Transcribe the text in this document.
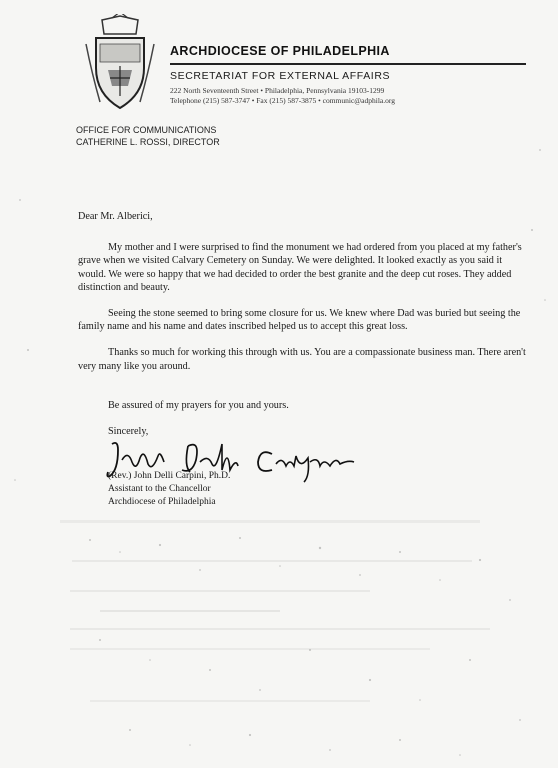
ARCHDIOCESE OF PHILADELPHIA
SECRETARIAT FOR EXTERNAL AFFAIRS
222 North Seventeenth Street • Philadelphia, Pennsylvania 19103-1299
Telephone (215) 587-3747 • Fax (215) 587-3875 • communic@adphila.org
OFFICE FOR COMMUNICATIONS
CATHERINE L. ROSSI, DIRECTOR
Dear Mr. Alberici,

My mother and I were surprised to find the monument we had ordered from you placed at my father's grave when we visited Calvary Cemetery on Sunday. We were delighted. It looked exactly as you said it would. We were so happy that we had decided to order the best granite and the deep cut roses. They added distinction and beauty.

Seeing the stone seemed to bring some closure for us. We knew where Dad was buried but seeing the family name and his name and dates inscribed helped us to accept this great loss.

Thanks so much for working this through with us. You are a compassionate business man. There aren't very many like you around.

Be assured of my prayers for you and yours.
Sincerely,
(Rev.) John Delli Carpini, Ph.D.
Assistant to the Chancellor
Archdiocese of Philadelphia
